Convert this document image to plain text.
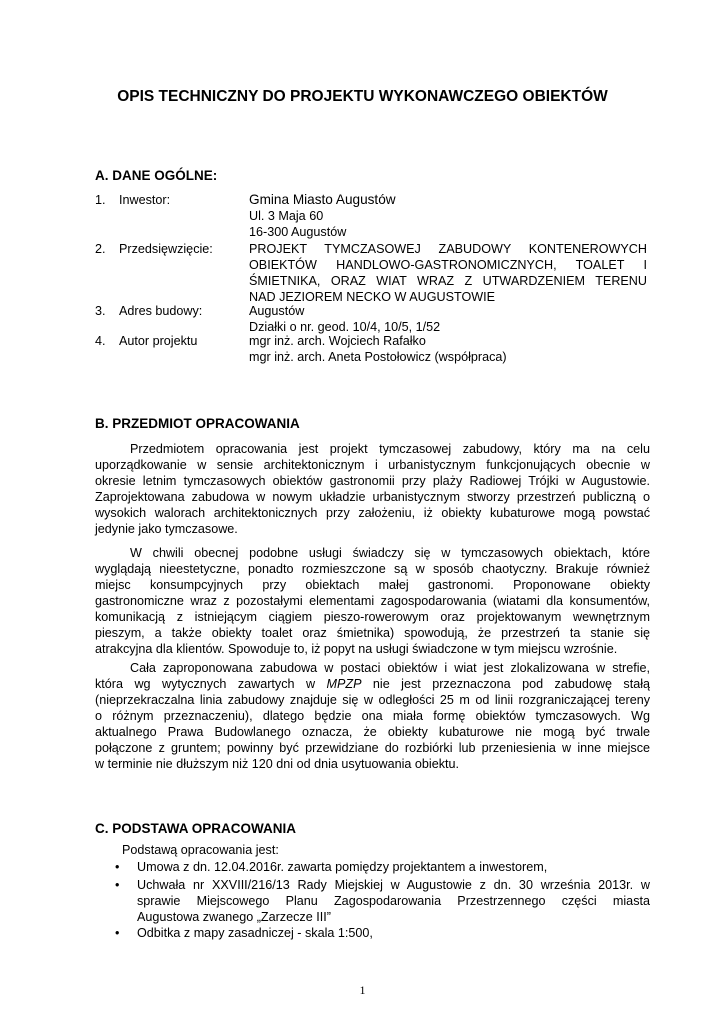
OPIS TECHNICZNY DO PROJEKTU WYKONAWCZEGO OBIEKTÓW
A. DANE OGÓLNE:
1. Inwestor:	Gmina Miasto Augustów
Ul. 3 Maja 60
16-300 Augustów
2. Przedsięwzięcie:	PROJEKT TYMCZASOWEJ ZABUDOWY KONTENEROWYCH
OBIEKTÓW HANDLOWO-GASTRONOMICZNYCH, TOALET I
ŚMIETNIKA, ORAZ WIAT WRAZ Z UTWARDZENIEM TERENU
NAD JEZIOREM NECKO W AUGUSTOWIE
3. Adres budowy:	Augustów
Działki o nr. geod. 10/4, 10/5, 1/52
4. Autor projektu	mgr inż. arch. Wojciech Rafałko
mgr inż. arch. Aneta Postołowicz (współpraca)
B. PRZEDMIOT OPRACOWANIA
Przedmiotem opracowania jest projekt tymczasowej zabudowy, który ma na celu
uporządkowanie w sensie architektonicznym i urbanistycznym funkcjonujących obecnie w
okresie letnim tymczasowych obiektów gastronomii przy plaży Radiowej Trójki w Augustowie.
Zaprojektowana zabudowa w nowym układzie urbanistycznym stworzy przestrzeń publiczną o
wysokich walorach architektonicznych przy założeniu, iż obiekty kubaturowe mogą powstać
jedynie jako tymczasowe.
W chwili obecnej podobne usługi świadczy się w tymczasowych obiektach, które
wyglądają nieestetyczne, ponadto rozmieszczone są w sposób chaotyczny. Brakuje również
miejsc konsumpcyjnych przy obiektach małej gastronomi. Proponowane obiekty
gastronomiczne wraz z pozostałymi elementami zagospodarowania (wiatami dla konsumentów,
komunikacją z istniejącym ciągiem pieszo-rowerowym oraz projektowanym wewnętrznym
pieszym, a także obiekty toalet oraz śmietnika) spowodują, że przestrzeń ta stanie się
atrakcyjna dla klientów. Spowoduje to, iż popyt na usługi świadczone w tym miejscu wzrośnie.
Cała zaproponowana zabudowa w postaci obiektów i wiat jest zlokalizowana w strefie,
która wg wytycznych zawartych w MPZP nie jest przeznaczona pod zabudowę stałą
(nieprzekraczalna linia zabudowy znajduje się w odległości 25 m od linii rozgraniczającej tereny
o różnym przeznaczeniu), dlatego będzie ona miała formę obiektów tymczasowych. Wg
aktualnego Prawa Budowlanego oznacza, że obiekty kubaturowe nie mogą być trwale
połączone z gruntem; powinny być przewidziane do rozbiórki lub przeniesienia w inne miejsce
w terminie nie dłuższym niż 120 dni od dnia usytuowania obiektu.
C. PODSTAWA OPRACOWANIA
Podstawą opracowania jest:
• Umowa z dn. 12.04.2016r. zawarta pomiędzy projektantem a inwestorem,
• Uchwała nr XXVIII/216/13 Rady Miejskiej w Augustowie z dn. 30 września 2013r. w
sprawie Miejscowego Planu Zagospodarowania Przestrzennego części miasta
Augustowa zwanego „Zarzecze III”
• Odbitka z mapy zasadniczej - skala 1:500,
1
